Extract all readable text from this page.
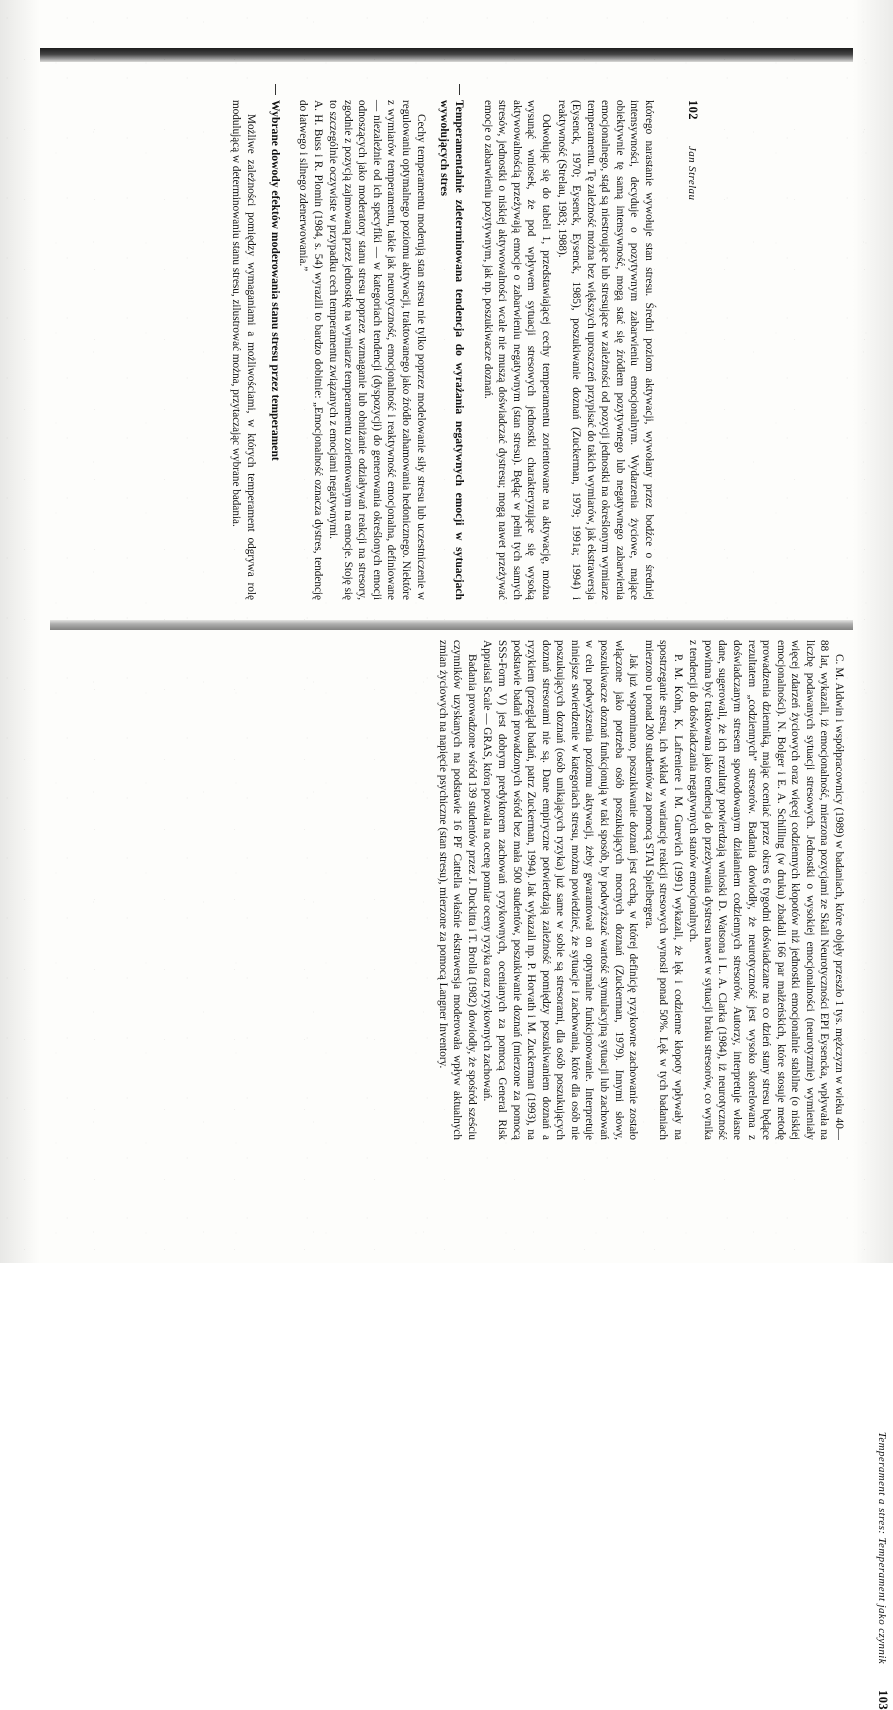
102
Jan Strelau

którego narastanie wywołuje stan stresu. Średni poziom aktywacji, wywołany przez bodźce o średniej intensywności, decyduje o pozytywnym zabarwieniu emocjonalnym. Wydarzenia życiowe, mające obiektywnie tę samą intensywność, mogą stać się źródłem pozytywnego lub negatywnego zabarwienia emocjonalnego, stąd są niestroujące lub stresujące w zależności od pozycji jednostki na określonym wymiarze temperamentu. Tę zależność można bez większych uproszczeń przypisać do takich wymiarów, jak ekstrawersja (Eysenck, 1970; Eysenck, Eysenck, 1985), poszukiwanie doznań (Zuckerman, 1979; 1991a; 1994) i reaktywność (Strelau, 1983; 1988).

Odwołując się do tabeli 1, przedstawiającej cechy temperamentu zorientowane na aktywację, można wysunąć wniosek, że pod wpływem sytuacji stresowych jednostki charakteryzujące się wysoką aktywowalnością przeżywają emocje o zabarwieniu negatywnym (stan stresu). Będąc w pełni tych samych stresów, jednostki o niskiej aktywowalności wcale nie muszą doświadczać dystresu; mogą nawet przeżywać emocje o zabarwieniu pozytywnym, jak np. poszukiwacze doznań.

Temperamentalnie zdeterminowana tendencja do wyrażania negatywnych emocji w sytuacjach wywołujących stres

Cechy temperamentu moderują stan stresu nie tylko poprzez modelowanie siły stresu lub uczestniczenie w regulowaniu optymalnego poziomu aktywacji, traktowanego jako źródło zahamowania hedonicznego. Niektóre z wymiarów temperamentu, takie jak neurotyczność, emocjonalność i reaktywność emocjonalna, definiowane — niezależnie od ich specyfiki — w kategoriach tendencji (dyspozycji) do generowania określonych emocji odnoszących jako moderatory stanu stresu poprzez wzmaganie lub obniżanie odziaływań reakcji na stresory, zgodnie z pozycją zajmowaną przez jednostkę na wymiarze temperamentu zorientowanym na emocje. Stoję się to szczególnie oczywiste w przypadku cech temperamentu związanych z emocjami negatywnymi.

A. H. Buss i R. Plomin (1984, s. 54) wyrazili to bardzo dobitnie: „Emocjonalność oznacza dystres, tendencję do łatwego i silnego zdenerwowania.”

Wybrane dowody efektów moderowania stanu stresu przez temperament

Możliwe zależności pomiędzy wymaganiami a możliwościami, w których temperament odgrywa rolę modulującą w determinowaniu stanu stresu, zilustrować można, przytaczając wybrane badania.

Temperament a stres: Temperament jako czynnik
103

C. M. Aldwin i współpracownicy (1989) w badaniach, które objęły przeszło 1 tys. mężczyzn w wieku 40—88 lat, wykazali, iż emocjonalność, mierzona pozycjami ze Skali Neurotyczności EPI Eysencka, wpływała na liczbę podawanych sytuacji stresowych. Jednostki o wysokiej emocjonalności (neurotyzmie) wymieniały więcej zdarzeń życiowych oraz więcej codziennych kłopotów niż jednostki emocjonalnie stabilne (o niskiej emocjonalności). N. Bolger i E. A. Schilling (w druku) zbadali 166 par małżeńskich, które stosuje metodę prowadzenia dzienniką, mając oceniać przez okres 6 tygodni doświadczane na co dzień stany stresu będące rezultatem „codziennych” stresorów. Badania dowiodły, że neurotyczność jest wysoko skorelowana z doświadczanym stresem spowodowanym działaniem codziennych stresorów. Autorzy, interpretuje własne dane, sugerowali, że ich rezultaty potwierdzają wnioski D. Watsona i L. A. Clarka (1984), iż neurotyczność powinna być traktowana jako tendencja do przeżywania dystresu nawet w sytuacji braku stresorów, co wynika z tendencji do doświadczania negatywnych stanów emocjonalnych.

P. M. Kohn, K. Lafreniere i M. Gurevich (1991) wykazali, że lęk i codzienne kłopoty wpływały na spostrzeganie stresu, ich wkład w wariancję reakcji stresowych wynosił ponad 50%. Lęk w tych badaniach mierzono u ponad 200 studentów za pomocą STAI Spielbergera.

Jak już wspominano, poszukiwanie doznań jest cechą, w której definicję ryzykowne zachowanie zostało włączone jako potrzeba osób poszukujących mocnych doznań (Zuckerman, 1979). Innymi słowy, poszukiwacze doznań funkcjonują w taki sposób, by podwyższać wartość stymulacyjną sytuacji lub zachowań w celu podwyższenia poziomu aktywacji, żeby gwarantował on optymalne funkcjonowanie. Interpretuje niniejsze stwierdzenie w kategoriach stresu, można powiedzieć, że sytuacje i zachowania, które dla osób nie poszukujących doznań (osób unikających ryzyka) już same w sobie są stresorami, dla osób poszukujących doznań stresorami nie są. Dane empiryczne potwierdzają zależność pomiędzy poszukiwaniem doznań a ryzykiem (przegląd badań, patrz Zuckerman, 1994). Jak wykazali np. P. Horvath i M. Zuckerman (1993), na podstawie badań prowadzonych wśród bez mała 500 studentów, poszukiwanie doznań (mierzone za pomocą SSS-Form V) jest dobrym predyktorem zachowań ryzykownych, ocenianych za pomocą General Risk Appraisal Scale — GRAS, która pozwala na ocenę pomiar oceny ryzyka oraz ryzykownych zachowań.

Badania prowadzone wśród 139 studentów przez J. Duckitta i T. Brolla (1982) dowiodły, że spośród sześciu czynników uzyskanych na podstawie 16 PF Cattella właśnie ekstrawersja moderowała wpływ aktualnych zmian życiowych na napięcie psychiczne (stan stresu), mierzone za pomocą Langner Inventory.
